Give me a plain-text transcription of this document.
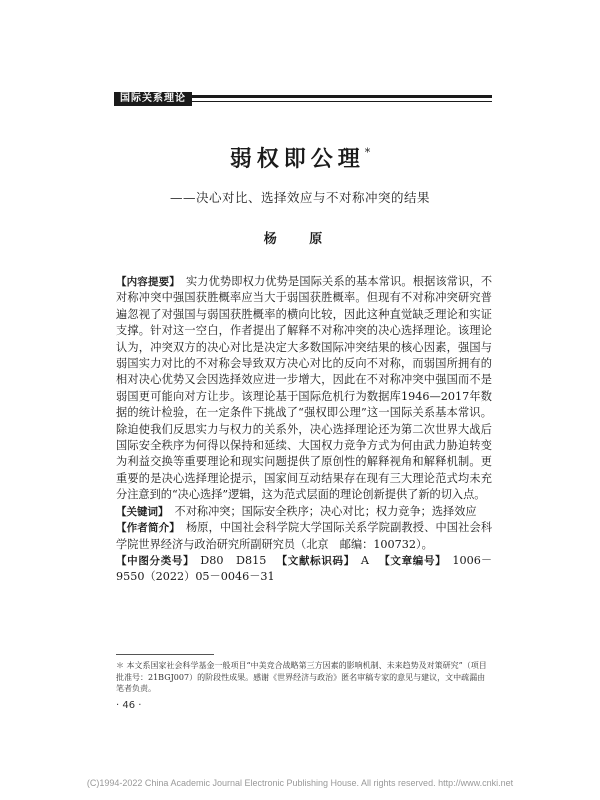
国际关系理论
弱权即公理*
——决心对比、选择效应与不对称冲突的结果
杨 原

【内容提要】 实力优势即权力优势是国际关系的基本常识。根据该常识，不对称冲突中强国获胜概率应当大于弱国获胜概率。但现有不对称冲突研究普遍忽视了对强国与弱国获胜概率的横向比较，因此这种直觉缺乏理论和实证支撑。针对这一空白，作者提出了解释不对称冲突的决心选择理论。该理论认为，冲突双方的决心对比是决定大多数国际冲突结果的核心因素，强国与弱国实力对比的不对称会导致双方决心对比的反向不对称，而弱国所拥有的相对决心优势又会因选择效应进一步增大，因此在不对称冲突中强国而不是弱国更可能向对方让步。该理论基于国际危机行为数据库1946—2017年数据的统计检验，在一定条件下挑战了“强权即公理”这一国际关系基本常识。除迫使我们反思实力与权力的关系外，决心选择理论还为第二次世界大战后国际安全秩序为何得以保持和延续、大国权力竞争方式为何由武力胁迫转变为利益交换等重要理论和现实问题提供了原创性的解释视角和解释机制。更重要的是决心选择理论提示，国家间互动结果存在现有三大理论范式均未充分注意到的“决心选择”逻辑，这为范式层面的理论创新提供了新的切入点。

【关键词】 不对称冲突；国际安全秩序；决心对比；权力竞争；选择效应

【作者简介】 杨原，中国社会科学院大学国际关系学院副教授、中国社会科学院世界经济与政治研究所副研究员（北京　邮编：100732）。

【中图分类号】 D80　D815 【文献标识码】 A 【文章编号】 1006－9550（2022）05－0046－31

＊ 本文系国家社会科学基金一般项目“中美竞合战略第三方因素的影响机制、未来趋势及对策研究”（项目批准号：21BGJ007）的阶段性成果。感谢《世界经济与政治》匿名审稿专家的意见与建议，文中疏漏由笔者负责。
· 46 ·
(C)1994-2022 China Academic Journal Electronic Publishing House. All rights reserved. http://www.cnki.net
